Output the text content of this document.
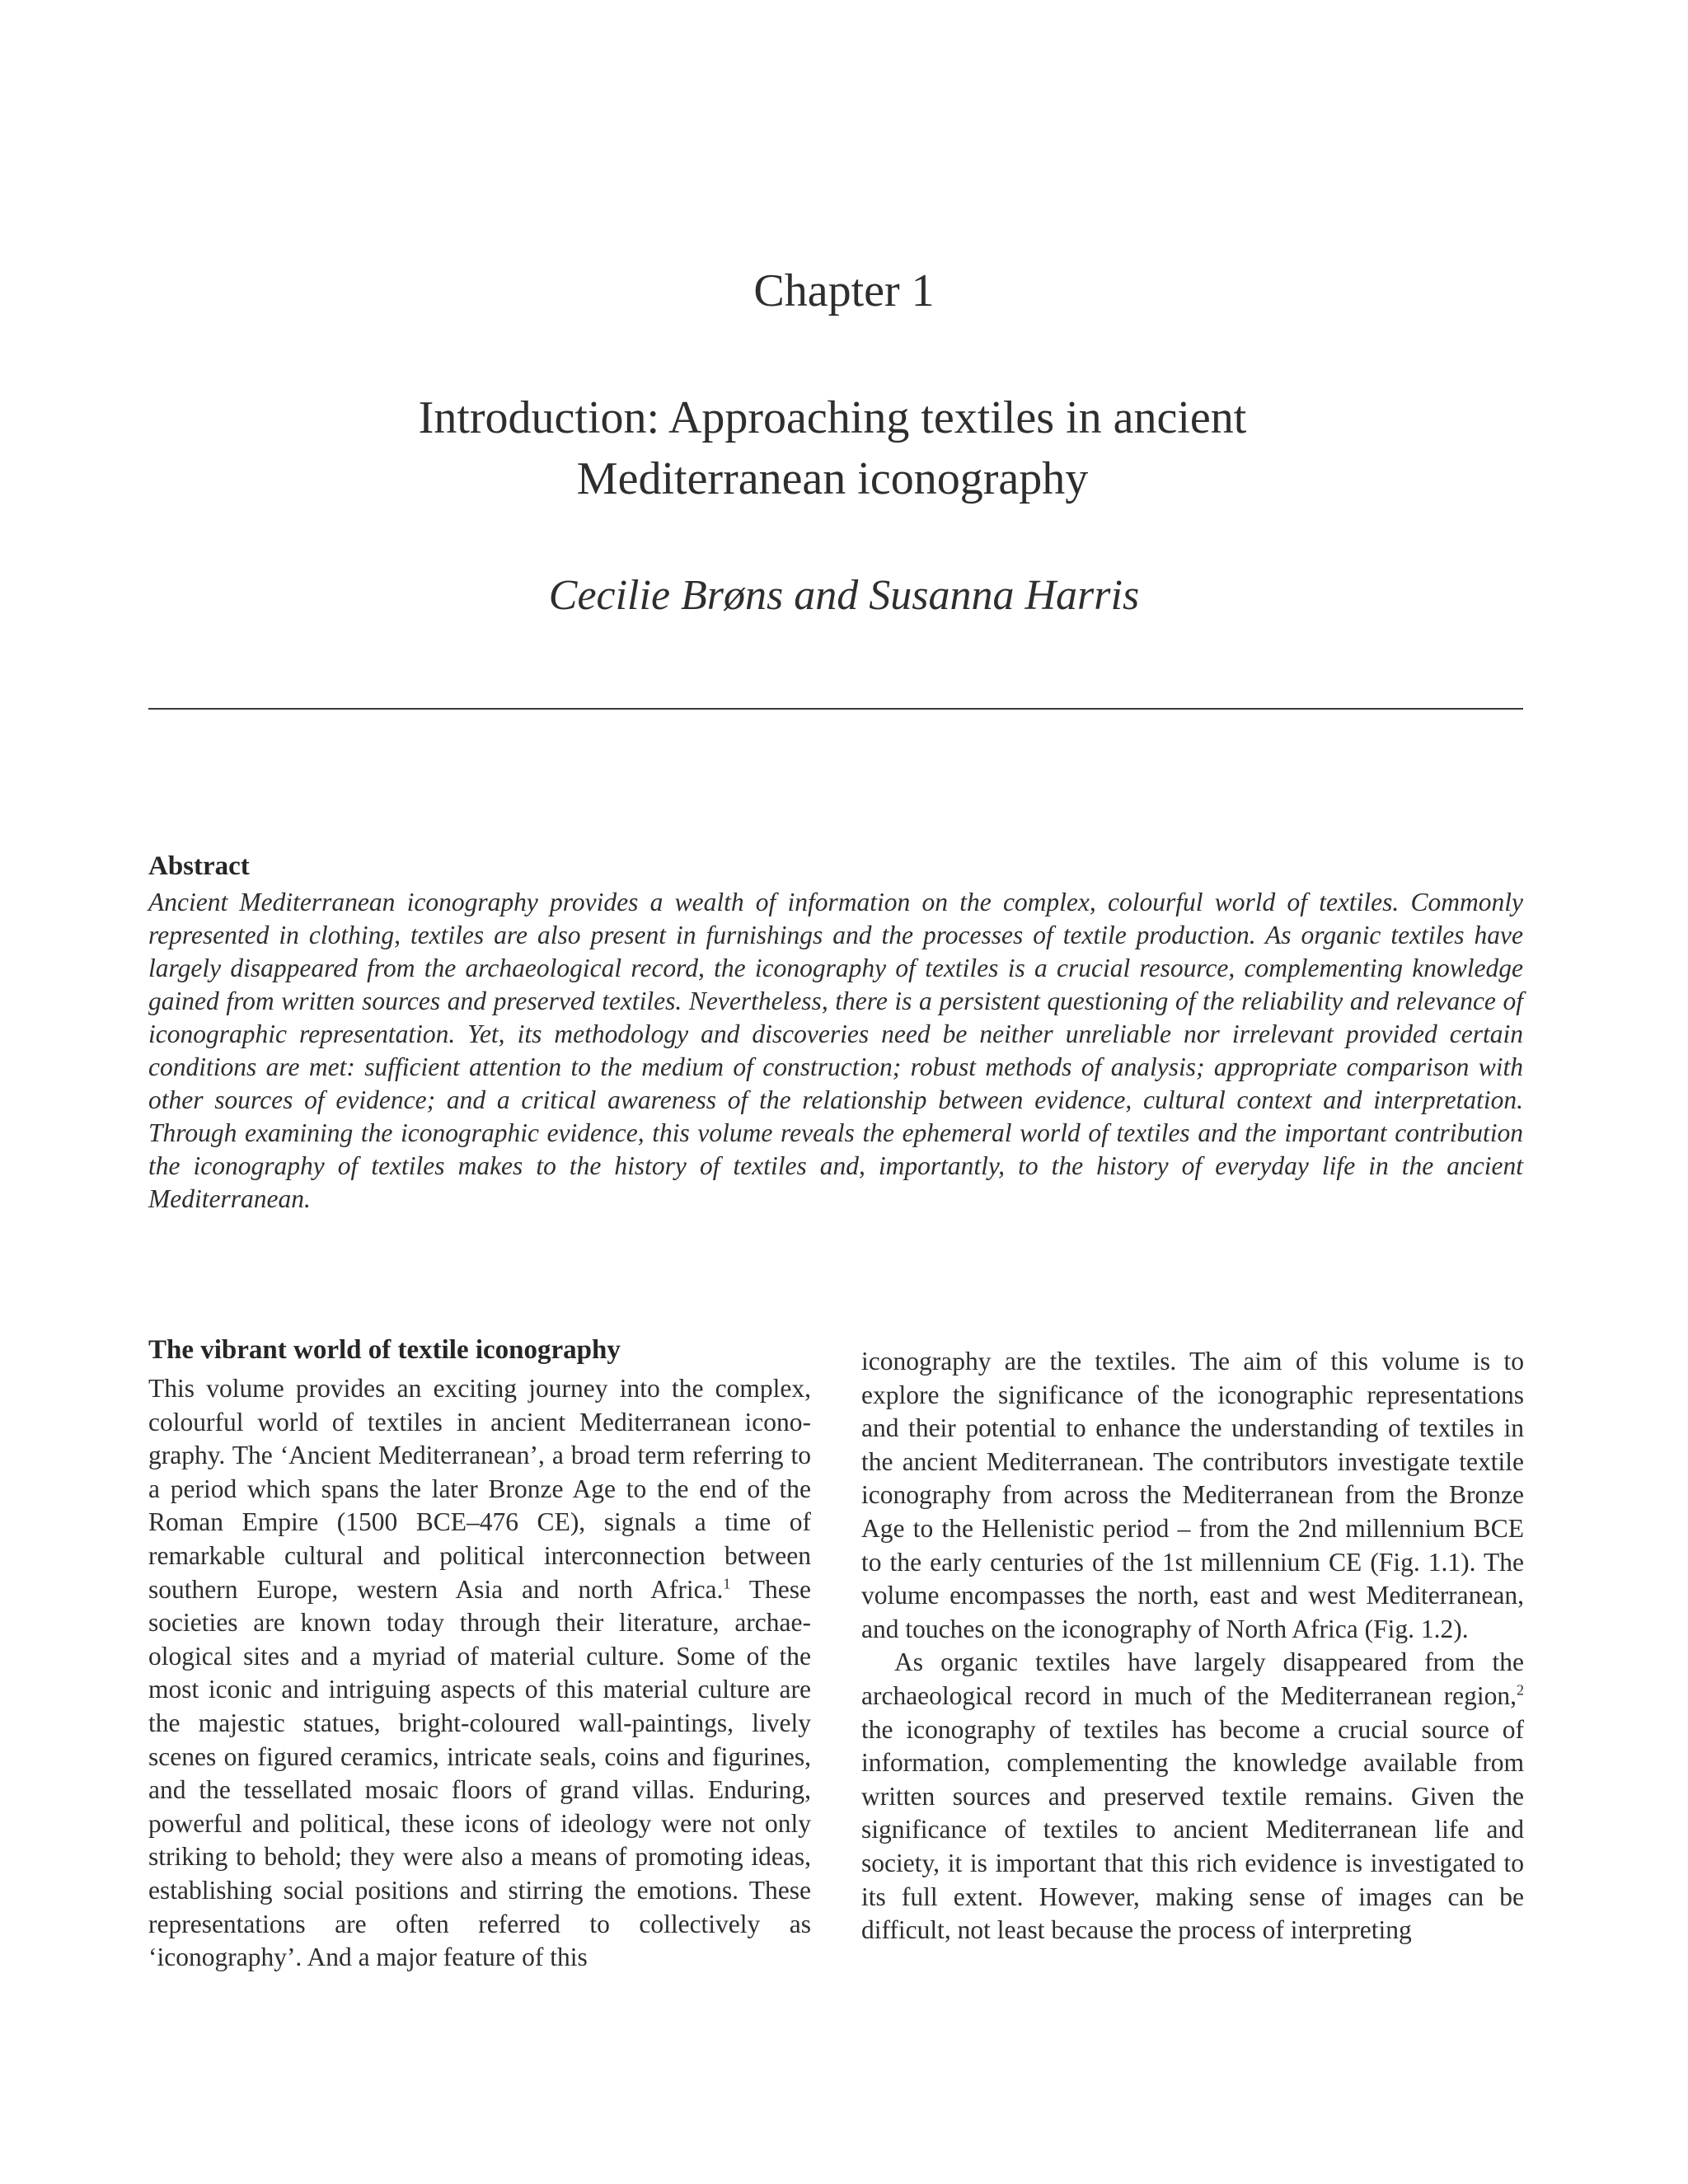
Chapter 1
Introduction: Approaching textiles in ancient
Mediterranean iconography
Cecilie Brøns and Susanna Harris
Abstract

Ancient Mediterranean iconography provides a wealth of information on the complex, colourful world of textiles. Commonly represented in clothing, textiles are also present in furnishings and the processes of textile production. As organic textiles have largely disappeared from the archaeological record, the iconography of textiles is a crucial resource, complementing knowledge gained from written sources and preserved textiles. Nevertheless, there is a persistent questioning of the reliability and relevance of iconographic representation. Yet, its methodology and discoveries need be neither unreliable nor irrelevant provided certain conditions are met: sufficient attention to the medium of construction; robust methods of analysis; appropriate comparison with other sources of evidence; and a critical awareness of the relationship between evidence, cultural context and interpretation. Through examining the iconographic evidence, this volume reveals the ephemeral world of textiles and the important contribution the iconography of textiles makes to the history of textiles and, importantly, to the history of everyday life in the ancient Mediterranean.

The vibrant world of textile iconography

This volume provides an exciting journey into the complex, colourful world of textiles in ancient Mediterranean iconography. The ‘Ancient Mediterranean’, a broad term referring to a period which spans the later Bronze Age to the end of the Roman Empire (1500 BCE–476 CE), signals a time of remarkable cultural and political interconnection between southern Europe, western Asia and north Africa.$^1$ These societies are known today through their literature, archaeological sites and a myriad of material culture. Some of the most iconic and intriguing aspects of this material culture are the majestic statues, bright-coloured wall-paintings, lively scenes on figured ceramics, intricate seals, coins and figurines, and the tessellated mosaic floors of grand villas. Enduring, powerful and political, these icons of ideology were not only striking to behold; they were also a means of promoting ideas, establishing social positions and stirring the emotions. These representations are often referred to collectively as ‘iconography’. And a major feature of this

iconography are the textiles. The aim of this volume is to explore the significance of the iconographic representations and their potential to enhance the understanding of textiles in the ancient Mediterranean. The contributors investigate textile iconography from across the Mediterranean from the Bronze Age to the Hellenistic period – from the 2nd millennium BCE to the early centuries of the 1st millennium CE (Fig. 1.1). The volume encompasses the north, east and west Mediterranean, and touches on the iconography of North Africa (Fig. 1.2).

As organic textiles have largely disappeared from the archaeological record in much of the Mediterranean region,$^2$ the iconography of textiles has become a crucial source of information, complementing the knowledge available from written sources and preserved textile remains. Given the significance of textiles to ancient Mediterranean life and society, it is important that this rich evidence is investigated to its full extent. However, making sense of images can be difficult, not least because the process of interpreting
